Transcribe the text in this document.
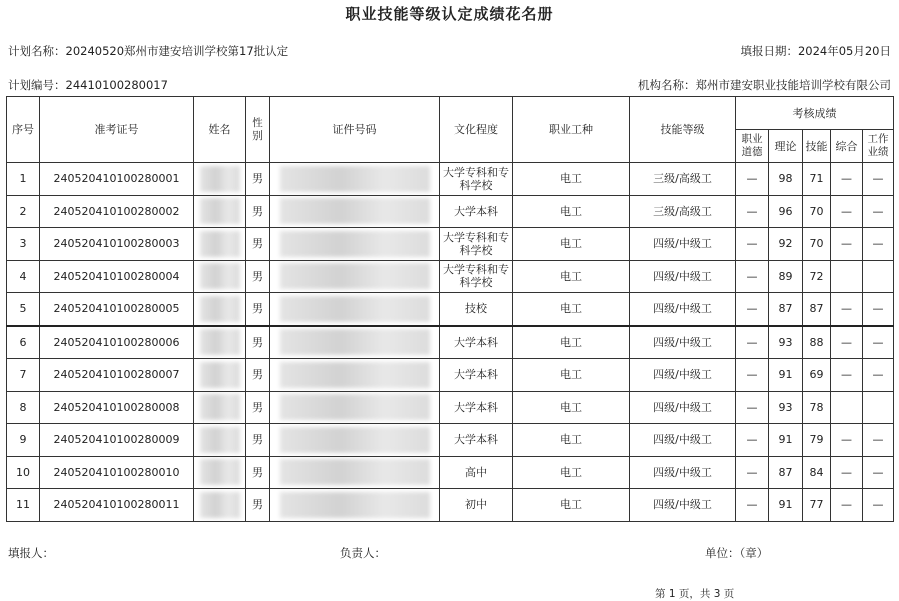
职业技能等级认定成绩花名册
计划名称：20240520郑州市建安培训学校第17批认定	填报日期：2024年05月20日
计划编号：24410100280017	机构名称：郑州市建安职业技能培训学校有限公司
序号	准考证号	姓名	性别	证件号码	文化程度	职业工种	技能等级	考核成绩				
								职业道德	理论	技能	综合	工作业绩
1	240520410100280001		男		大学专科和专科学校	电工	三级/高级工	—	98	71	—	—
2	240520410100280002		男		大学本科	电工	三级/高级工	—	96	70	—	—
3	240520410100280003		男		大学专科和专科学校	电工	四级/中级工	—	92	70	—	—
4	240520410100280004		男		大学专科和专科学校	电工	四级/中级工	—	89	72		
5	240520410100280005		男		技校	电工	四级/中级工	—	87	87	—	—
6	240520410100280006		男		大学本科	电工	四级/中级工	—	93	88	—	—
7	240520410100280007		男		大学本科	电工	四级/中级工	—	91	69	—	—
8	240520410100280008		男		大学本科	电工	四级/中级工	—	93	78		
9	240520410100280009		男		大学本科	电工	四级/中级工	—	91	79	—	—
10	240520410100280010		男		高中	电工	四级/中级工	—	87	84	—	—
11	240520410100280011		男		初中	电工	四级/中级工	—	91	77	—	—
填报人：	负责人：	单位：（章）
第 1 页，共 3 页
